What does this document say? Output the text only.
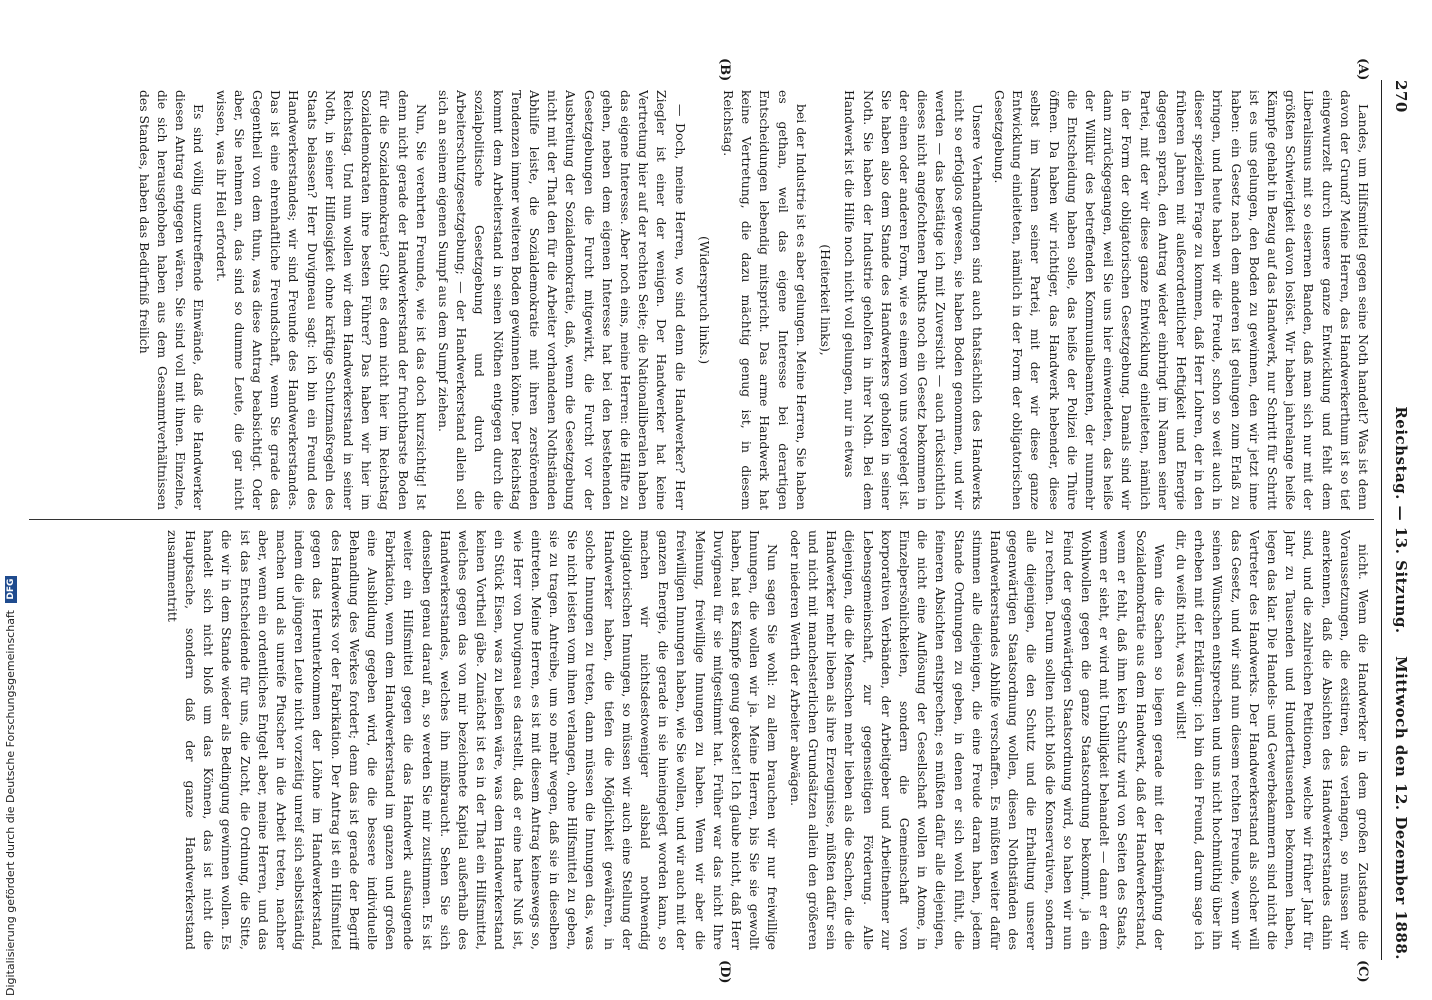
270
Reichstag. — 13. Sitzung.
Mittwoch den 12. Dezember 1888.
(A)
(B)
(C)
(D)

Landes, um Hilfsmittel gegen seine Noth handelt? Was ist denn davon der Grund? Meine Herren, das Handwerkerthum ist so tief eingewurzelt durch unsere ganze Entwicklung und fehlt dem Liberalismus mit so eisernen Banden, daß man sich nur mit der größten Schwierigkeit davon loslöst. Wir haben jahrelange heiße Kämpfe gehabt in Bezug auf das Handwerk, nur Schritt für Schritt ist es uns gelungen, den Boden zu gewinnen, den wir jetzt inne haben: ein Gesetz nach dem anderen ist gelungen zum Erlaß zu bringen, und heute haben wir die Freude, schon so weit auch in dieser speziellen Frage zu kommen, daß Herr Lohren, der in den früheren Jahren mit außerordentlicher Heftigkeit und Energie dagegen sprach, den Antrag wieder einbringt im Namen seiner Partei, mit der wir diese ganze Entwicklung einleiteten, nämlich in der Form der obligatorischen Gesetzgebung. Damals sind wir dann zurückgegangen, weil Sie uns hier einwendeten, das heiße der Willkür des betreffenden Kommunalbeamten, der nunmehr die Entscheidung haben solle, das heiße der Polizei die Thüre öffnen. Da haben wir richtiger, das Handwerk hebender, diese selbst im Namen seiner Partei, mit der wir diese ganze Entwicklung einleiteten, nämlich in der Form der obligatorischen Gesetzgebung.

Unsere Verhandlungen sind auch thatsächlich des Handwerks nicht so erfolglos gewesen, sie haben Boden genommen, und wir werden — das bestätige ich mit Zuversicht — auch rücksichtlich dieses nicht angefochtenen Punkts noch ein Gesetz bekommen in der einen oder anderen Form, wie es einem von uns vorgelegt ist. Sie haben also dem Stande des Handwerkers geholfen in seiner Noth. Sie haben der Industrie geholfen in ihrer Noth. Bei dem Handwerk ist die Hilfe noch nicht voll gelungen, nur in etwas

(Heiterkeit links),

bei der Industrie ist es aber gelungen. Meine Herren, Sie haben es gethan, weil das eigene Interesse bei derartigen Entscheidungen lebendig mitspricht. Das arme Handwerk hat keine Vertretung, die dazu mächtig genug ist, in diesem Reichstag.

(Widerspruch links.)

— Doch, meine Herren, wo sind denn die Handwerker? Herr Ziegler ist einer der wenigen. Der Handwerker hat keine Vertretung hier auf der rechten Seite; die Nationalliberalen haben das eigene Interesse. Aber noch eins, meine Herren: die Hälfte zu gehen, neben dem eigenen Interesse hat bei den bestehenden Gesetzgebungen die Furcht mitgewirkt, die Furcht vor der Ausbreitung der Sozialdemokratie, daß, wenn die Gesetzgebung nicht mit der That den für die Arbeiter vorhandenen Nothständen Abhilfe leiste, die Sozialdemokratie mit ihren zerstörenden Tendenzen immer weiteren Boden gewinnen könne. Der Reichstag kommt dem Arbeiterstand in seinen Nöthen entgegen durch die sozialpolitische Gesetzgebung und durch die Arbeiterschutzgesetzgebung; — der Handwerkerstand allein soll sich an seinem eigenen Sumpf aus dem Sumpf ziehen.

Nun, Sie verehrten Freunde, wie ist das doch kurzsichtig! Ist denn nicht gerade der Handwerkerstand der fruchtbarste Boden für die Sozialdemokratie? Gibt es denn nicht hier im Reichstag Sozialdemokraten ihre besten Führer? Das haben wir hier im Reichstag. Und nun wollen wir dem Handwerkerstand in seiner Noth, in seiner Hilflosigkeit ohne kräftige Schutzmaßregeln des Staats belassen? Herr Duvigneau sagt: ich bin ein Freund des Handwerkerstandes; wir sind Freunde des Handwerkerstandes. Das ist eine ehrenhaftliche Freundschaft, wenn Sie grade das Gegentheil von dem thun, was diese Antrag beabsichtigt. Oder aber, Sie nehmen an, das sind so dumme Leute, die gar nicht wissen, was ihr Heil erfordert.

Es sind völlig unzutreffende Einwände, daß die Handwerker diesen Antrag entgegen wären. Sie sind voll mit ihnen. Einzelne, die sich herausgehoben haben aus dem Gesammtverhältnissen des Standes, haben das Bedürfniß freilich

nicht. Wenn die Handwerker in dem großen Zustande die Voraussetzungen, die existiren, das verlangen, so müssen wir anerkennen, daß die Absichten des Handwerkerstandes dahin sind, und die zahlreichen Petitionen, welche wir früher Jahr für Jahr zu Tausenden und Hunderttausenden bekommen haben, legen das klar. Die Handels- und Gewerbekammern sind nicht die Vertreter des Handwerks. Der Handwerkerstand als solcher will das Gesetz, und wir sind nun diesem rechten Freunde, wenn wir seinen Wünschen entsprechen und uns nicht hochmüthig über ihn erheben mit der Erklärung: ich bin dein Freund, darum sage ich dir, du weißt nicht, was du willst!

Wenn die Sachen so liegen gerade mit der Bekämpfung der Sozialdemokratie aus dem Handwerk, daß der Handwerkerstand, wenn er fehlt, daß ihm kein Schutz wird von Seiten des Staats, wenn er sieht, er wird mit Unbilligkeit behandelt — dann er dem Wohlwollen gegen die ganze Staatsordnung bekommt, ja ein Feind der gegenwärtigen Staatsordnung wird, so haben wir nun zu rechnen. Darum sollten nicht bloß die Konservativen, sondern alle diejenigen, die den Schutz und die Erhaltung unserer gegenwärtigen Staatsordnung wollen, diesen Nothständen des Handwerkerstandes Abhilfe verschaffen. Es müßten weiter dafür stimmen alle diejenigen, die eine Freude daran haben, jedem Stande Ordnungen zu geben, in denen er sich wohl fühlt, die feineren Absichten entsprechen; es müßten dafür alle diejenigen, die nicht eine Auflösung der Gesellschaft wollen in Atome, in Einzelpersönlichkeiten, sondern die Gemeinschaft von korporativen Verbänden, der Arbeitgeber und Arbeitnehmer zur Lebensgemeinschaft, zur gegenseitigen Förderung. Alle diejenigen, die die Menschen mehr lieben als die Sachen, die die Handwerker mehr lieben als ihre Erzeugnisse, müßten dafür sein und nicht mit manchesterlichen Grundsätzen allein den größeren oder niederen Werth der Arbeiter abwägen.

Nun sagen Sie wohl: zu allem brauchen wir nur freiwillige Innungen, die wollen wir ja. Meine Herren, bis Sie sie gewollt haben, hat es Kämpfe genug gekostet! Ich glaube nicht, daß Herr Duvigneau für sie mitgestimmt hat. Früher war das nicht Ihre Meinung, freiwillige Innungen zu haben. Wenn wir aber die freiwilligen Innungen haben, wie Sie wollen, und wir auch mit der ganzen Energie, die gerade in sie hineingelegt worden kann, so machen wir nichtsdestoweniger alsbald nothwendig obligatorischen Innungen, so müssen wir auch eine Stellung der Handwerker haben, die tiefen die Möglichkeit gewähren, in solche Innungen zu treten, dann müssen die Innungen das, was Sie nicht leisten vom ihnen verlangen, ohne Hilfsmittel zu geben, sie zu tragen. Antreibe, um so mehr wegen, daß sie in dieselben eintreten. Meine Herren, es ist mit diesem Antrag keineswegs so, wie Herr von Duvigneau es darstellt, daß er eine harte Nuß ist, ein Stück Eisen, was zu beißen wäre, was dem Handwerkerstand keinen Vortheil gäbe. Zunächst ist es in der That ein Hilfsmittel, welches gegen das von mir bezeichnete Kapital außerhalb des Handwerkerstandes, welches ihn mißbraucht. Sehen Sie sich denselben genau darauf an, so werden Sie mir zustimmen. Es ist weiter ein Hilfsmittel gegen die das Handwerk aufsaugende Fabrikation, wenn dem Handwerkerstand im ganzen und großen eine Ausbildung gegeben wird, die die bessere individuelle Behandlung des Werkes fordert; denn das ist gerade der Begriff des Handwerks vor der Fabrikation. Der Antrag ist ein Hilfsmittel gegen das Herunterkommen der Löhne im Handwerkerstand, indem die jüngeren Leute nicht vorzeitig unreif sich selbstständig machen und als unreife Pfuscher in die Arbeit treten, nachher aber, wenn ein ordentliches Entgelt aber, meine Herren, und das ist das Entscheidende für uns, die Zucht, die Ordnung, die Sitte, die wir in dem Stande wieder als Bedingung gewinnen wollen. Es handelt sich nicht bloß um das Können, das ist nicht die Hauptsache, sondern daß der ganze Handwerkerstand zusammentritt

Digitalisierung gefördert durch die Deutsche Forschungsgemeinschaft DFG
